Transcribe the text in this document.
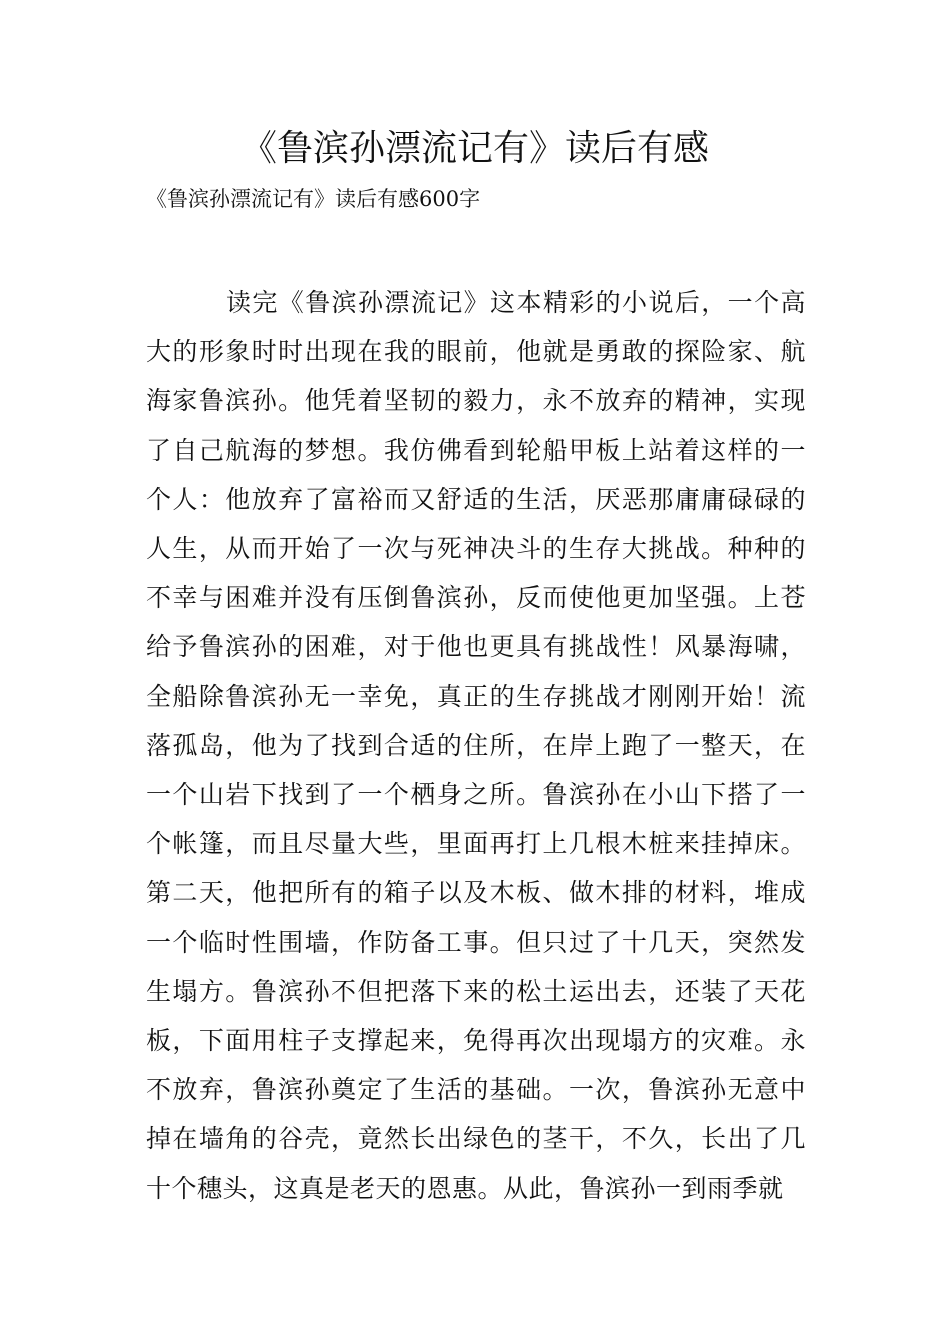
《鲁滨孙漂流记有》读后有感

《鲁滨孙漂流记有》读后有感600字

读完《鲁滨孙漂流记》这本精彩的小说后，一个高大的形象时时出现在我的眼前，他就是勇敢的探险家、航海家鲁滨孙。他凭着坚韧的毅力，永不放弃的精神，实现了自己航海的梦想。我仿佛看到轮船甲板上站着这样的一个人：他放弃了富裕而又舒适的生活，厌恶那庸庸碌碌的人生，从而开始了一次与死神决斗的生存大挑战。种种的不幸与困难并没有压倒鲁滨孙，反而使他更加坚强。上苍给予鲁滨孙的困难，对于他也更具有挑战性！风暴海啸，全船除鲁滨孙无一幸免，真正的生存挑战才刚刚开始！流落孤岛，他为了找到合适的住所，在岸上跑了一整天，在一个山岩下找到了一个栖身之所。鲁滨孙在小山下搭了一个帐篷，而且尽量大些，里面再打上几根木桩来挂掉床。第二天，他把所有的箱子以及木板、做木排的材料，堆成一个临时性围墙，作防备工事。但只过了十几天，突然发生塌方。鲁滨孙不但把落下来的松土运出去，还装了天花板，下面用柱子支撑起来，免得再次出现塌方的灾难。永不放弃，鲁滨孙奠定了生活的基础。一次，鲁滨孙无意中掉在墙角的谷壳，竟然长出绿色的茎干，不久，长出了几十个穗头，这真是老天的恩惠。从此，鲁滨孙一到雨季就
